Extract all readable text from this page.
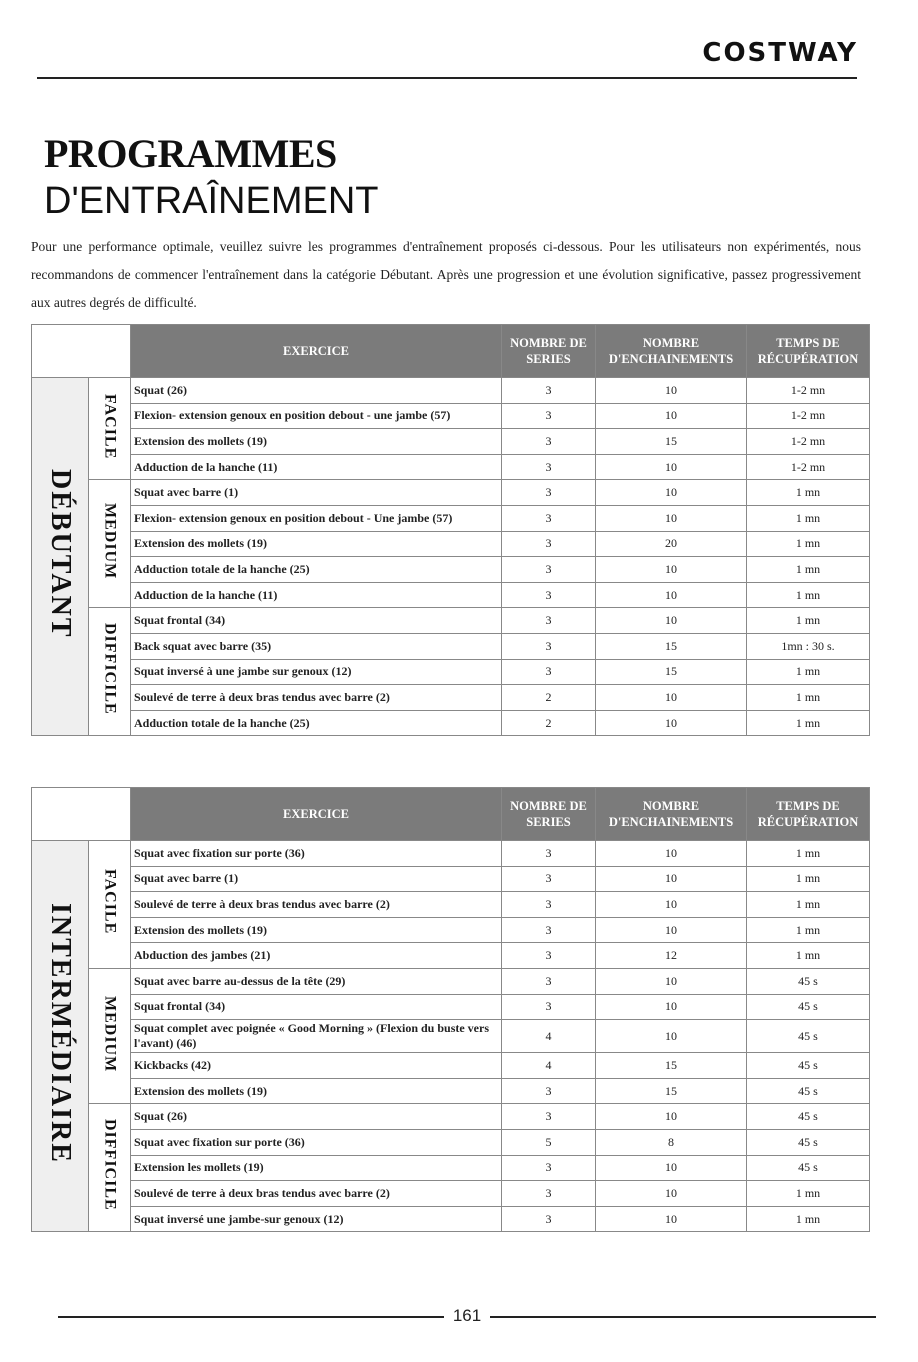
COSTWAY
PROGRAMMES
D'ENTRAÎNEMENT

Pour une performance optimale, veuillez suivre les programmes d'entraînement proposés ci-dessous. Pour les utilisateurs non expérimentés, nous recommandons de commencer l'entraînement dans la catégorie Débutant. Après une progression et une évolution significative, passez progressivement aux autres degrés de difficulté.

		EXERCICE	NOMBRE DE SERIES	NOMBRE D'ENCHAINEMENTS	TEMPS DE RÉCUPÉRATION
DÉBUTANT	FACILE	Squat (26)	3	10	1-2 mn
		Flexion- extension genoux en position debout - une jambe (57)	3	10	1-2 mn
		Extension des mollets (19)	3	15	1-2 mn
		Adduction de la hanche (11)	3	10	1-2 mn
	MEDIUM	Squat avec barre (1)	3	10	1 mn
		Flexion- extension genoux en position debout - Une jambe (57)	3	10	1 mn
		Extension des mollets (19)	3	20	1 mn
		Adduction totale de la hanche (25)	3	10	1 mn
		Adduction de la hanche (11)	3	10	1 mn
	DIFFICILE	Squat frontal (34)	3	10	1 mn
		Back squat avec barre (35)	3	15	1mn : 30 s.
		Squat inversé à une jambe sur genoux (12)	3	15	1 mn
		Soulevé de terre à deux bras tendus avec barre (2)	2	10	1 mn
		Adduction totale de la hanche (25)	2	10	1 mn
		EXERCICE	NOMBRE DE SERIES	NOMBRE D'ENCHAINEMENTS	TEMPS DE RÉCUPÉRATION
INTERMÉDIAIRE	FACILE	Squat avec fixation sur porte (36)	3	10	1 mn
		Squat avec barre (1)	3	10	1 mn
		Soulevé de terre à deux bras tendus avec barre (2)	3	10	1 mn
		Extension des mollets (19)	3	10	1 mn
		Abduction des jambes (21)	3	12	1 mn
	MEDIUM	Squat avec barre au-dessus de la tête (29)	3	10	45 s
		Squat frontal (34)	3	10	45 s
		Squat complet avec poignée « Good Morning » (Flexion du buste vers l'avant) (46)	4	10	45 s
		Kickbacks (42)	4	15	45 s
		Extension des mollets (19)	3	15	45 s
	DIFFICILE	Squat (26)	3	10	45 s
		Squat avec fixation sur porte (36)	5	8	45 s
		Extension les mollets (19)	3	10	45 s
		Soulevé de terre à deux bras tendus avec barre (2)	3	10	1 mn
		Squat inversé une jambe-sur genoux (12)	3	10	1 mn
161
